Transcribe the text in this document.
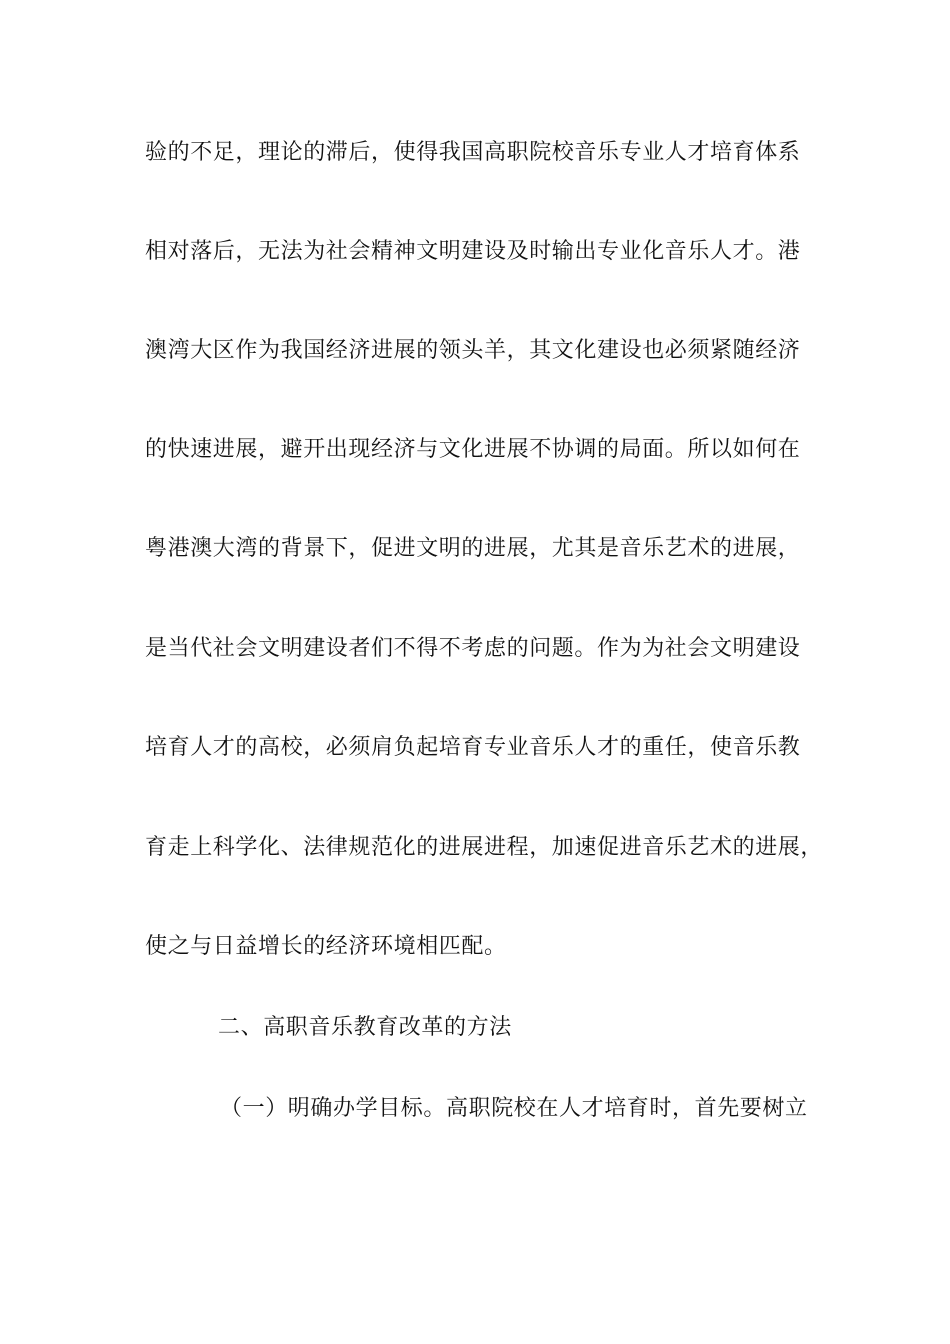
验的不足，理论的滞后，使得我国高职院校音乐专业人才培育体系
相对落后，无法为社会精神文明建设及时输出专业化音乐人才。港
澳湾大区作为我国经济进展的领头羊，其文化建设也必须紧随经济
的快速进展，避开出现经济与文化进展不协调的局面。所以如何在
粤港澳大湾的背景下，促进文明的进展，尤其是音乐艺术的进展，
是当代社会文明建设者们不得不考虑的问题。作为为社会文明建设
培育人才的高校，必须肩负起培育专业音乐人才的重任，使音乐教
育走上科学化、法律规范化的进展进程，加速促进音乐艺术的进展，
使之与日益增长的经济环境相匹配。
二、高职音乐教育改革的方法
（一）明确办学目标。高职院校在人才培育时，首先要树立
